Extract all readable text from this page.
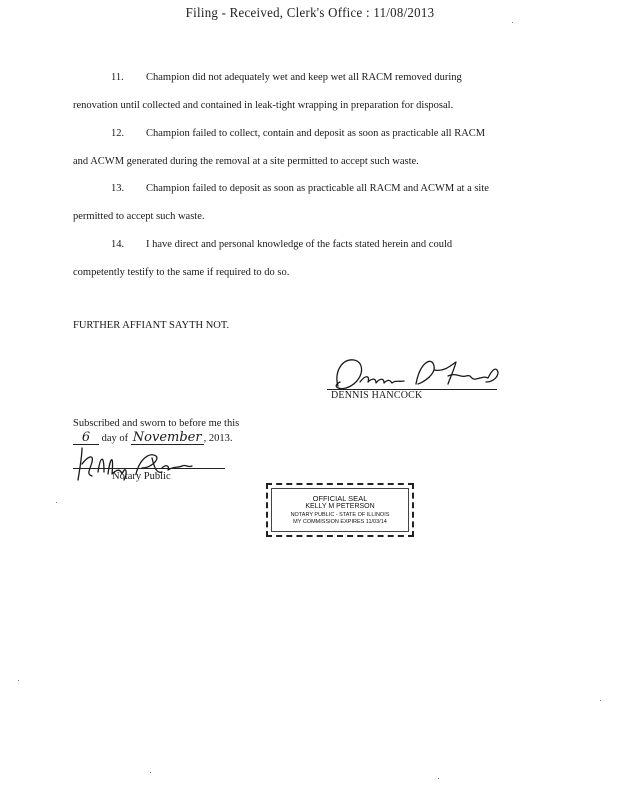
Filing - Received, Clerk's Office : 11/08/2013
11. Champion did not adequately wet and keep wet all RACM removed during
renovation until collected and contained in leak-tight wrapping in preparation for disposal.
12. Champion failed to collect, contain and deposit as soon as practicable all RACM
and ACWM generated during the removal at a site permitted to accept such waste.
13. Champion failed to deposit as soon as practicable all RACM and ACWM at a site
permitted to accept such waste.
14. I have direct and personal knowledge of the facts stated herein and could
competently testify to the same if required to do so.
FURTHER AFFIANT SAYTH NOT.
DENNIS HANCOCK
Subscribed and sworn to before me this
6 day of November , 2013.
Notary Public
OFFICIAL SEAL
KELLY M PETERSON
NOTARY PUBLIC - STATE OF ILLINOIS
MY COMMISSION EXPIRES 11/03/14
